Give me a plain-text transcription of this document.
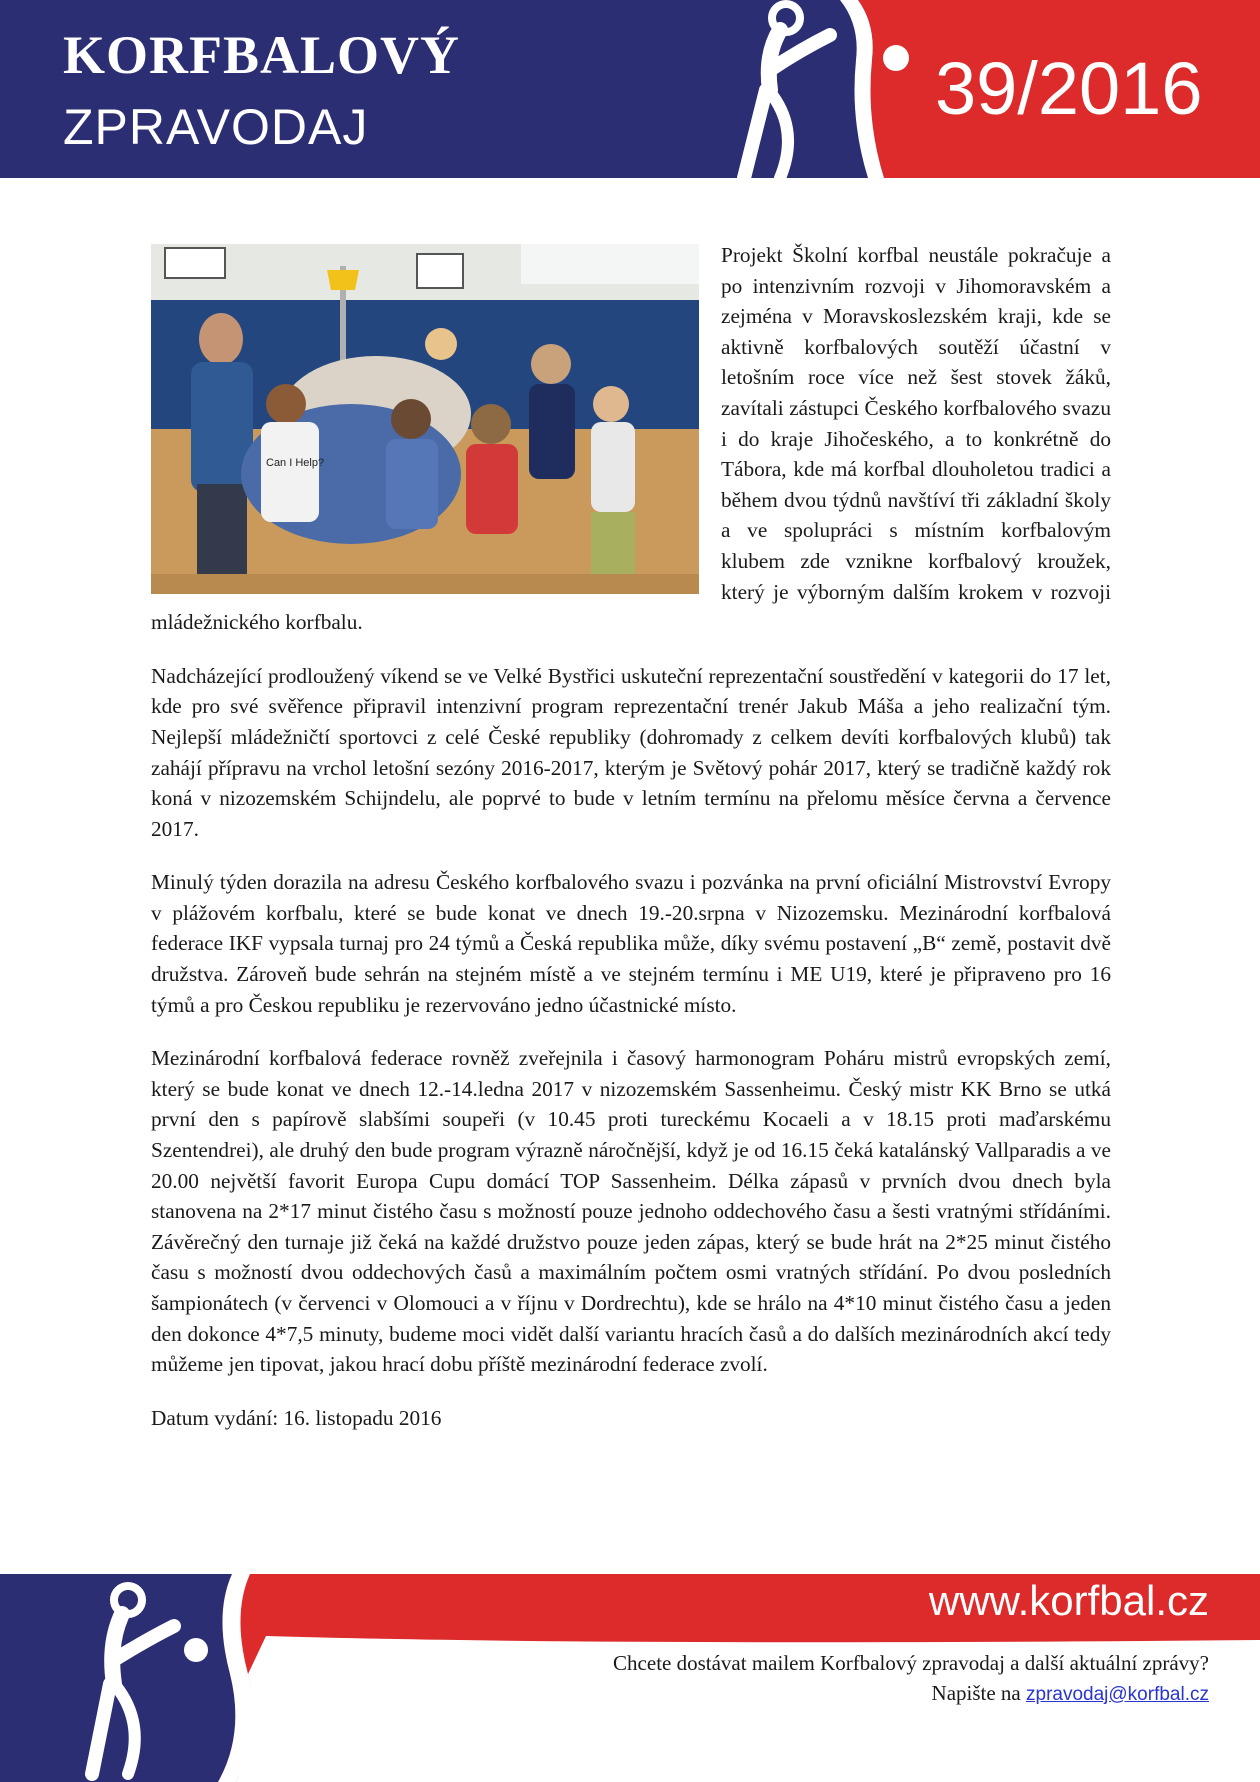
KORFBALOVÝ
ZPRAVODAJ	39/2016

Can I Help?
Projekt Školní korfbal neustále pokračuje a po intenzivním rozvoji v Jihomoravském a zejména v Moravskoslezském kraji, kde se aktivně korfbalových soutěží účastní v letošním roce více než šest stovek žáků, zavítali zástupci Českého korfbalového svazu i do kraje Jihočeského, a to konkrétně do Tábora, kde má korfbal dlouholetou tradici a během dvou týdnů navštíví tři základní školy a ve spolupráci s místním korfbalovým klubem zde vznikne korfbalový kroužek, který je výborným dalším krokem v rozvoji mládežnického korfbalu.

Nadcházející prodloužený víkend se ve Velké Bystřici uskuteční reprezentační soustředění v kategorii do 17 let, kde pro své svěřence připravil intenzivní program reprezentační trenér Jakub Máša a jeho realizační tým. Nejlepší mládežničtí sportovci z celé České republiky (dohromady z celkem devíti korfbalových klubů) tak zahájí přípravu na vrchol letošní sezóny 2016-2017, kterým je Světový pohár 2017, který se tradičně každý rok koná v nizozemském Schijndelu, ale poprvé to bude v letním termínu na přelomu měsíce června a července 2017.

Minulý týden dorazila na adresu Českého korfbalového svazu i pozvánka na první oficiální Mistrovství Evropy v plážovém korfbalu, které se bude konat ve dnech 19.-20.srpna v Nizozemsku. Mezinárodní korfbalová federace IKF vypsala turnaj pro 24 týmů a Česká republika může, díky svému postavení „B“ země, postavit dvě družstva. Zároveň bude sehrán na stejném místě a ve stejném termínu i ME U19, které je připraveno pro 16 týmů a pro Českou republiku je rezervováno jedno účastnické místo.

Mezinárodní korfbalová federace rovněž zveřejnila i časový harmonogram Poháru mistrů evropských zemí, který se bude konat ve dnech 12.-14.ledna 2017 v nizozemském Sassenheimu. Český mistr KK Brno se utká první den s papírově slabšími soupeři (v 10.45 proti tureckému Kocaeli a v 18.15 proti maďarskému Szentendrei), ale druhý den bude program výrazně náročnější, když je od 16.15 čeká katalánský Vallparadis a ve 20.00 největší favorit Europa Cupu domácí TOP Sassenheim. Délka zápasů v prvních dvou dnech byla stanovena na 2*17 minut čistého času s možností pouze jednoho oddechového času a šesti vratnými střídáními. Závěrečný den turnaje již čeká na každé družstvo pouze jeden zápas, který se bude hrát na 2*25 minut čistého času s možností dvou oddechových časů a maximálním počtem osmi vratných střídání. Po dvou posledních šampionátech (v červenci v Olomouci a v říjnu v Dordrechtu), kde se hrálo na 4*10 minut čistého času a jeden den dokonce 4*7,5 minuty, budeme moci vidět další variantu hracích časů a do dalších mezinárodních akcí tedy můžeme jen tipovat, jakou hrací dobu příště mezinárodní federace zvolí.

Datum vydání: 16. listopadu 2016

www.korfbal.cz
Chcete dostávat mailem Korfbalový zpravodaj a další aktuální zprávy?
Napište na zpravodaj@korfbal.cz
